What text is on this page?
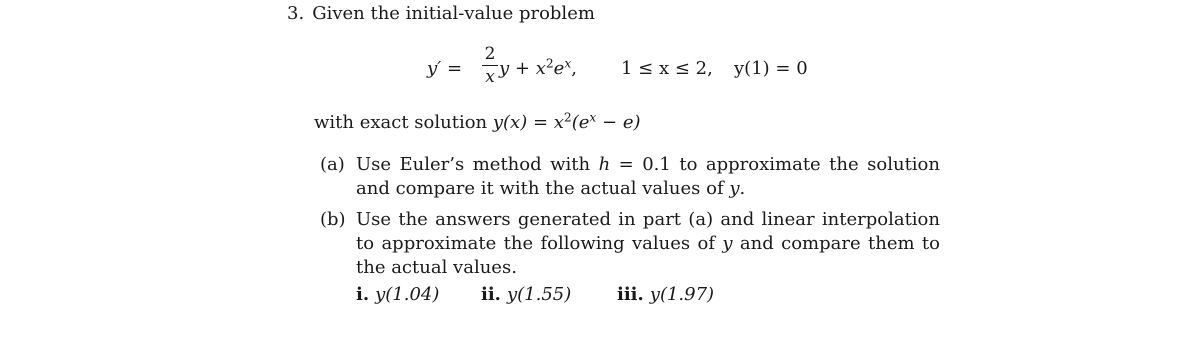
3. Given the initial-value problem
y′ =
2
x $y + x^2e^x$, 1 ≤ x ≤ 2, y(1) = 0
with exact solution $y(x) = x^2(e^x - e)$
(a) Use Euler’s method with h = 0.1 to approximate the solution and compare it with the actual values of y.
(b) Use the answers generated in part (a) and linear interpolation to approximate the following values of y and compare them to the actual values.
i. y(1.04) ii. y(1.55)	iii. y(1.97)
